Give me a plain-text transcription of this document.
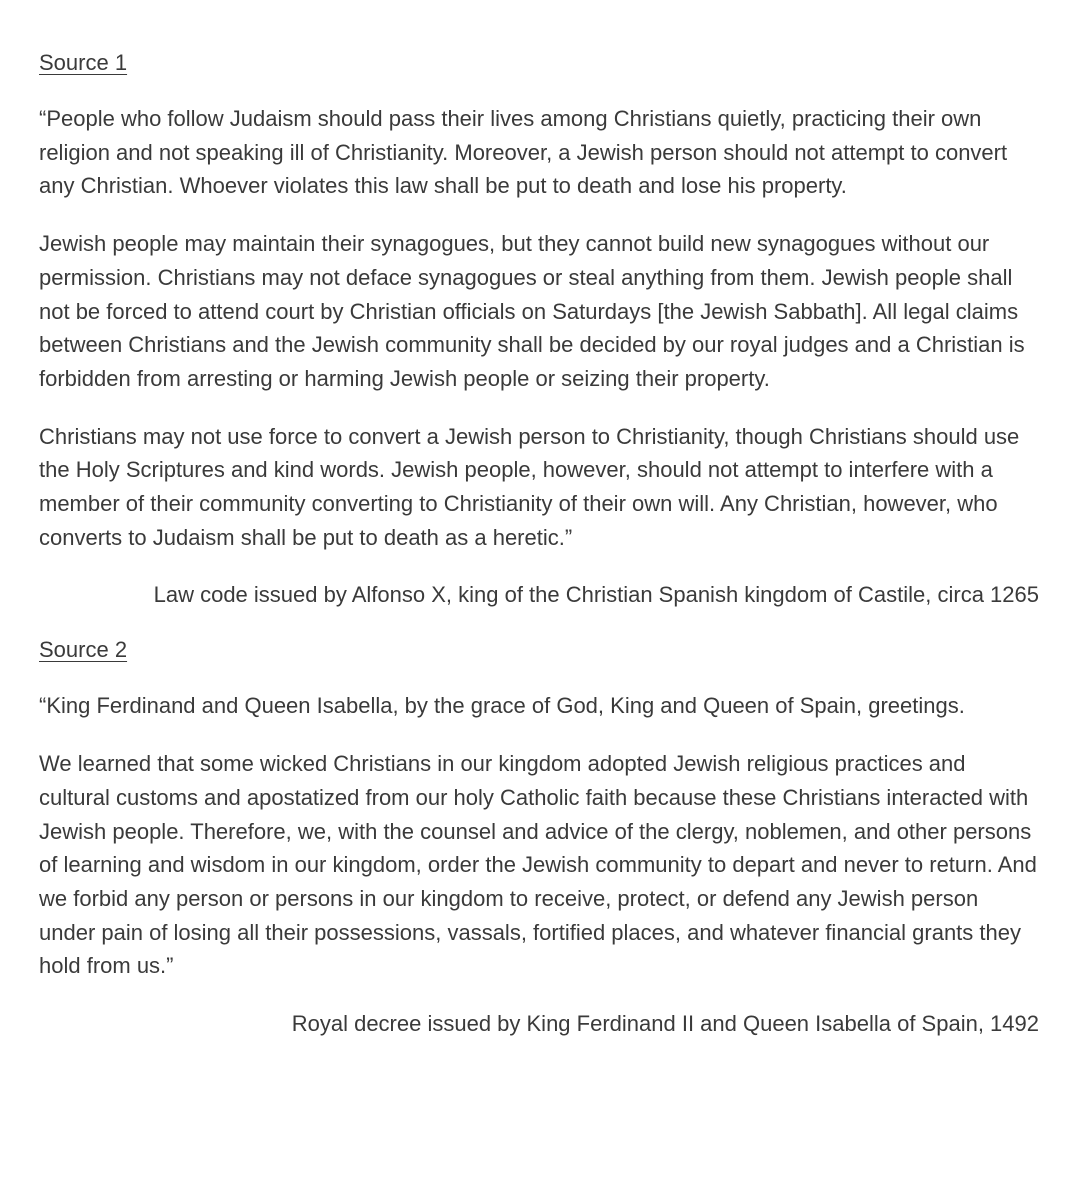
Source 1

“People who follow Judaism should pass their lives among Christians quietly, practicing their own religion and not speaking ill of Christianity. Moreover, a Jewish person should not attempt to convert any Christian. Whoever violates this law shall be put to death and lose his property.

Jewish people may maintain their synagogues, but they cannot build new synagogues without our permission. Christians may not deface synagogues or steal anything from them. Jewish people shall not be forced to attend court by Christian officials on Saturdays [the Jewish Sabbath]. All legal claims between Christians and the Jewish community shall be decided by our royal judges and a Christian is forbidden from arresting or harming Jewish people or seizing their property.

Christians may not use force to convert a Jewish person to Christianity, though Christians should use the Holy Scriptures and kind words. Jewish people, however, should not attempt to interfere with a member of their community converting to Christianity of their own will. Any Christian, however, who converts to Judaism shall be put to death as a heretic.”

Law code issued by Alfonso X, king of the Christian Spanish kingdom of Castile, circa 1265
Source 2

“King Ferdinand and Queen Isabella, by the grace of God, King and Queen of Spain, greetings.

We learned that some wicked Christians in our kingdom adopted Jewish religious practices and cultural customs and apostatized from our holy Catholic faith because these Christians interacted with Jewish people. Therefore, we, with the counsel and advice of the clergy, noblemen, and other persons of learning and wisdom in our kingdom, order the Jewish community to depart and never to return. And we forbid any person or persons in our kingdom to receive, protect, or defend any Jewish person under pain of losing all their possessions, vassals, fortified places, and whatever financial grants they hold from us.”

Royal decree issued by King Ferdinand II and Queen Isabella of Spain, 1492
